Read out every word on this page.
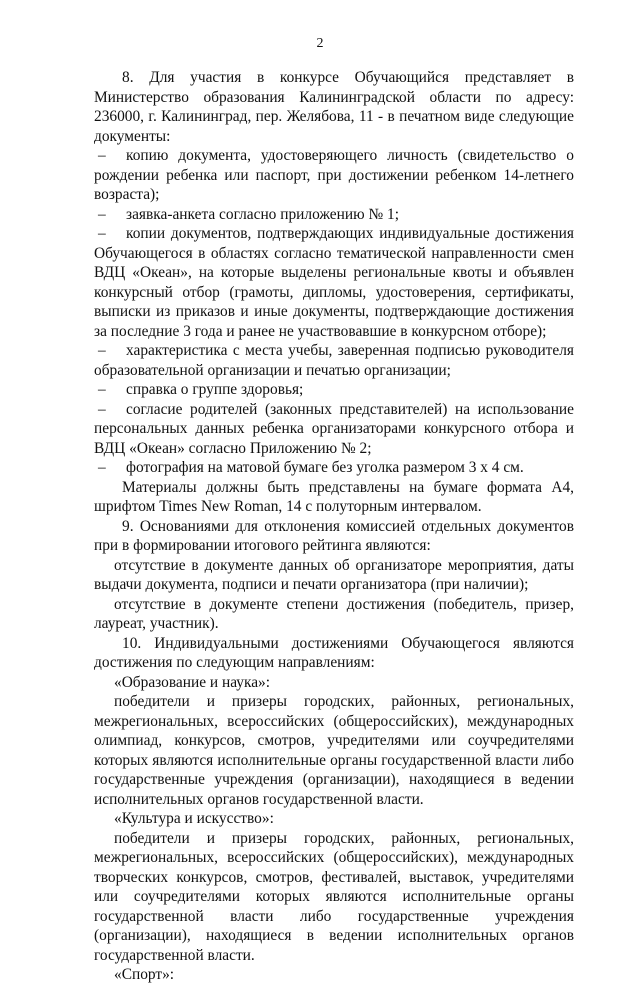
2

8. Для участия в конкурсе Обучающийся представляет в Министерство образования Калининградской области по адресу: 236000, г. Калининград, пер. Желябова, 11 - в печатном виде следующие документы:

– копию документа, удостоверяющего личность (свидетельство о рождении ребенка или паспорт, при достижении ребенком 14-летнего возраста);

– заявка-анкета согласно приложению № 1;

– копии документов, подтверждающих индивидуальные достижения Обучающегося в областях согласно тематической направленности смен ВДЦ «Океан», на которые выделены региональные квоты и объявлен конкурсный отбор (грамоты, дипломы, удостоверения, сертификаты, выписки из приказов и иные документы, подтверждающие достижения за последние 3 года и ранее не участвовавшие в конкурсном отборе);

– характеристика с места учебы, заверенная подписью руководителя образовательной организации и печатью организации;

– справка о группе здоровья;

– согласие родителей (законных представителей) на использование персональных данных ребенка организаторами конкурсного отбора и ВДЦ «Океан» согласно Приложению № 2;

– фотография на матовой бумаге без уголка размером 3 х 4 см.

Материалы должны быть представлены на бумаге формата А4, шрифтом Times New Roman, 14 с полуторным интервалом.

9. Основаниями для отклонения комиссией отдельных документов при в формировании итогового рейтинга являются:

отсутствие в документе данных об организаторе мероприятия, даты выдачи документа, подписи и печати организатора (при наличии);

отсутствие в документе степени достижения (победитель, призер, лауреат, участник).

10. Индивидуальными достижениями Обучающегося являются достижения по следующим направлениям:

«Образование и наука»:

победители и призеры городских, районных, региональных, межрегиональных, всероссийских (общероссийских), международных олимпиад, конкурсов, смотров, учредителями или соучредителями которых являются исполнительные органы государственной власти либо государственные учреждения (организации), находящиеся в ведении исполнительных органов государственной власти.

«Культура и искусство»:

победители и призеры городских, районных, региональных, межрегиональных, всероссийских (общероссийских), международных творческих конкурсов, смотров, фестивалей, выставок, учредителями или соучредителями которых являются исполнительные органы государственной власти либо государственные учреждения (организации), находящиеся в ведении исполнительных органов государственной власти.

«Спорт»:
